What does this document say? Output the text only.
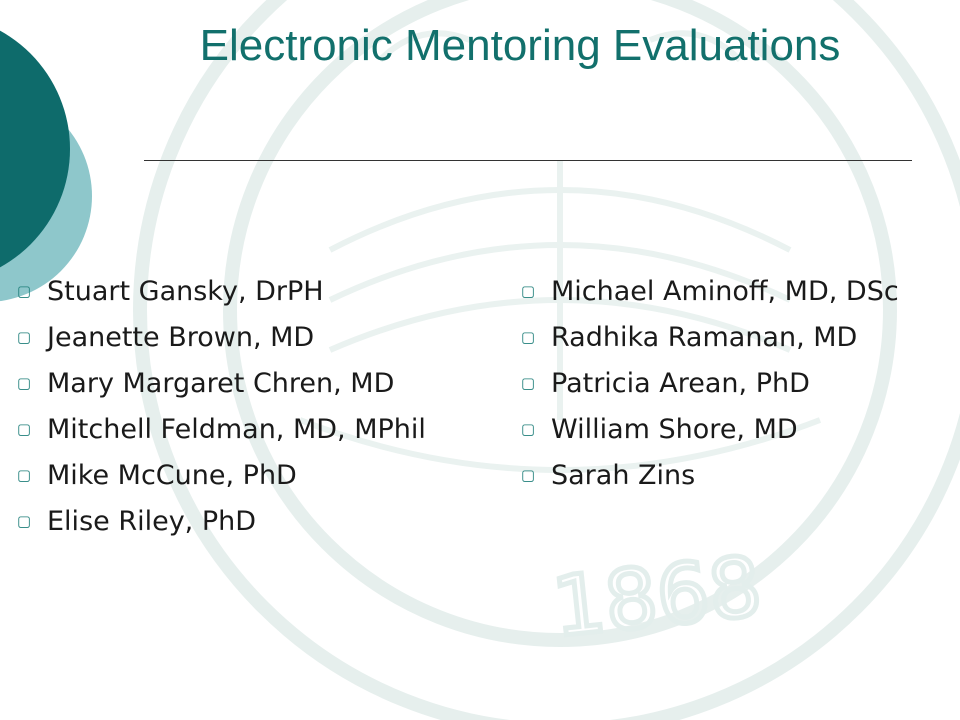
1868
Electronic Mentoring Evaluations
▢ Stuart Gansky, DrPH
▢ Jeanette Brown, MD
▢ Mary Margaret Chren, MD
▢ Mitchell Feldman, MD, MPhil
▢ Mike McCune, PhD
▢ Elise Riley, PhD
▢ Michael Aminoff, MD, DSc
▢ Radhika Ramanan, MD
▢ Patricia Arean, PhD
▢ William Shore, MD
▢ Sarah Zins
